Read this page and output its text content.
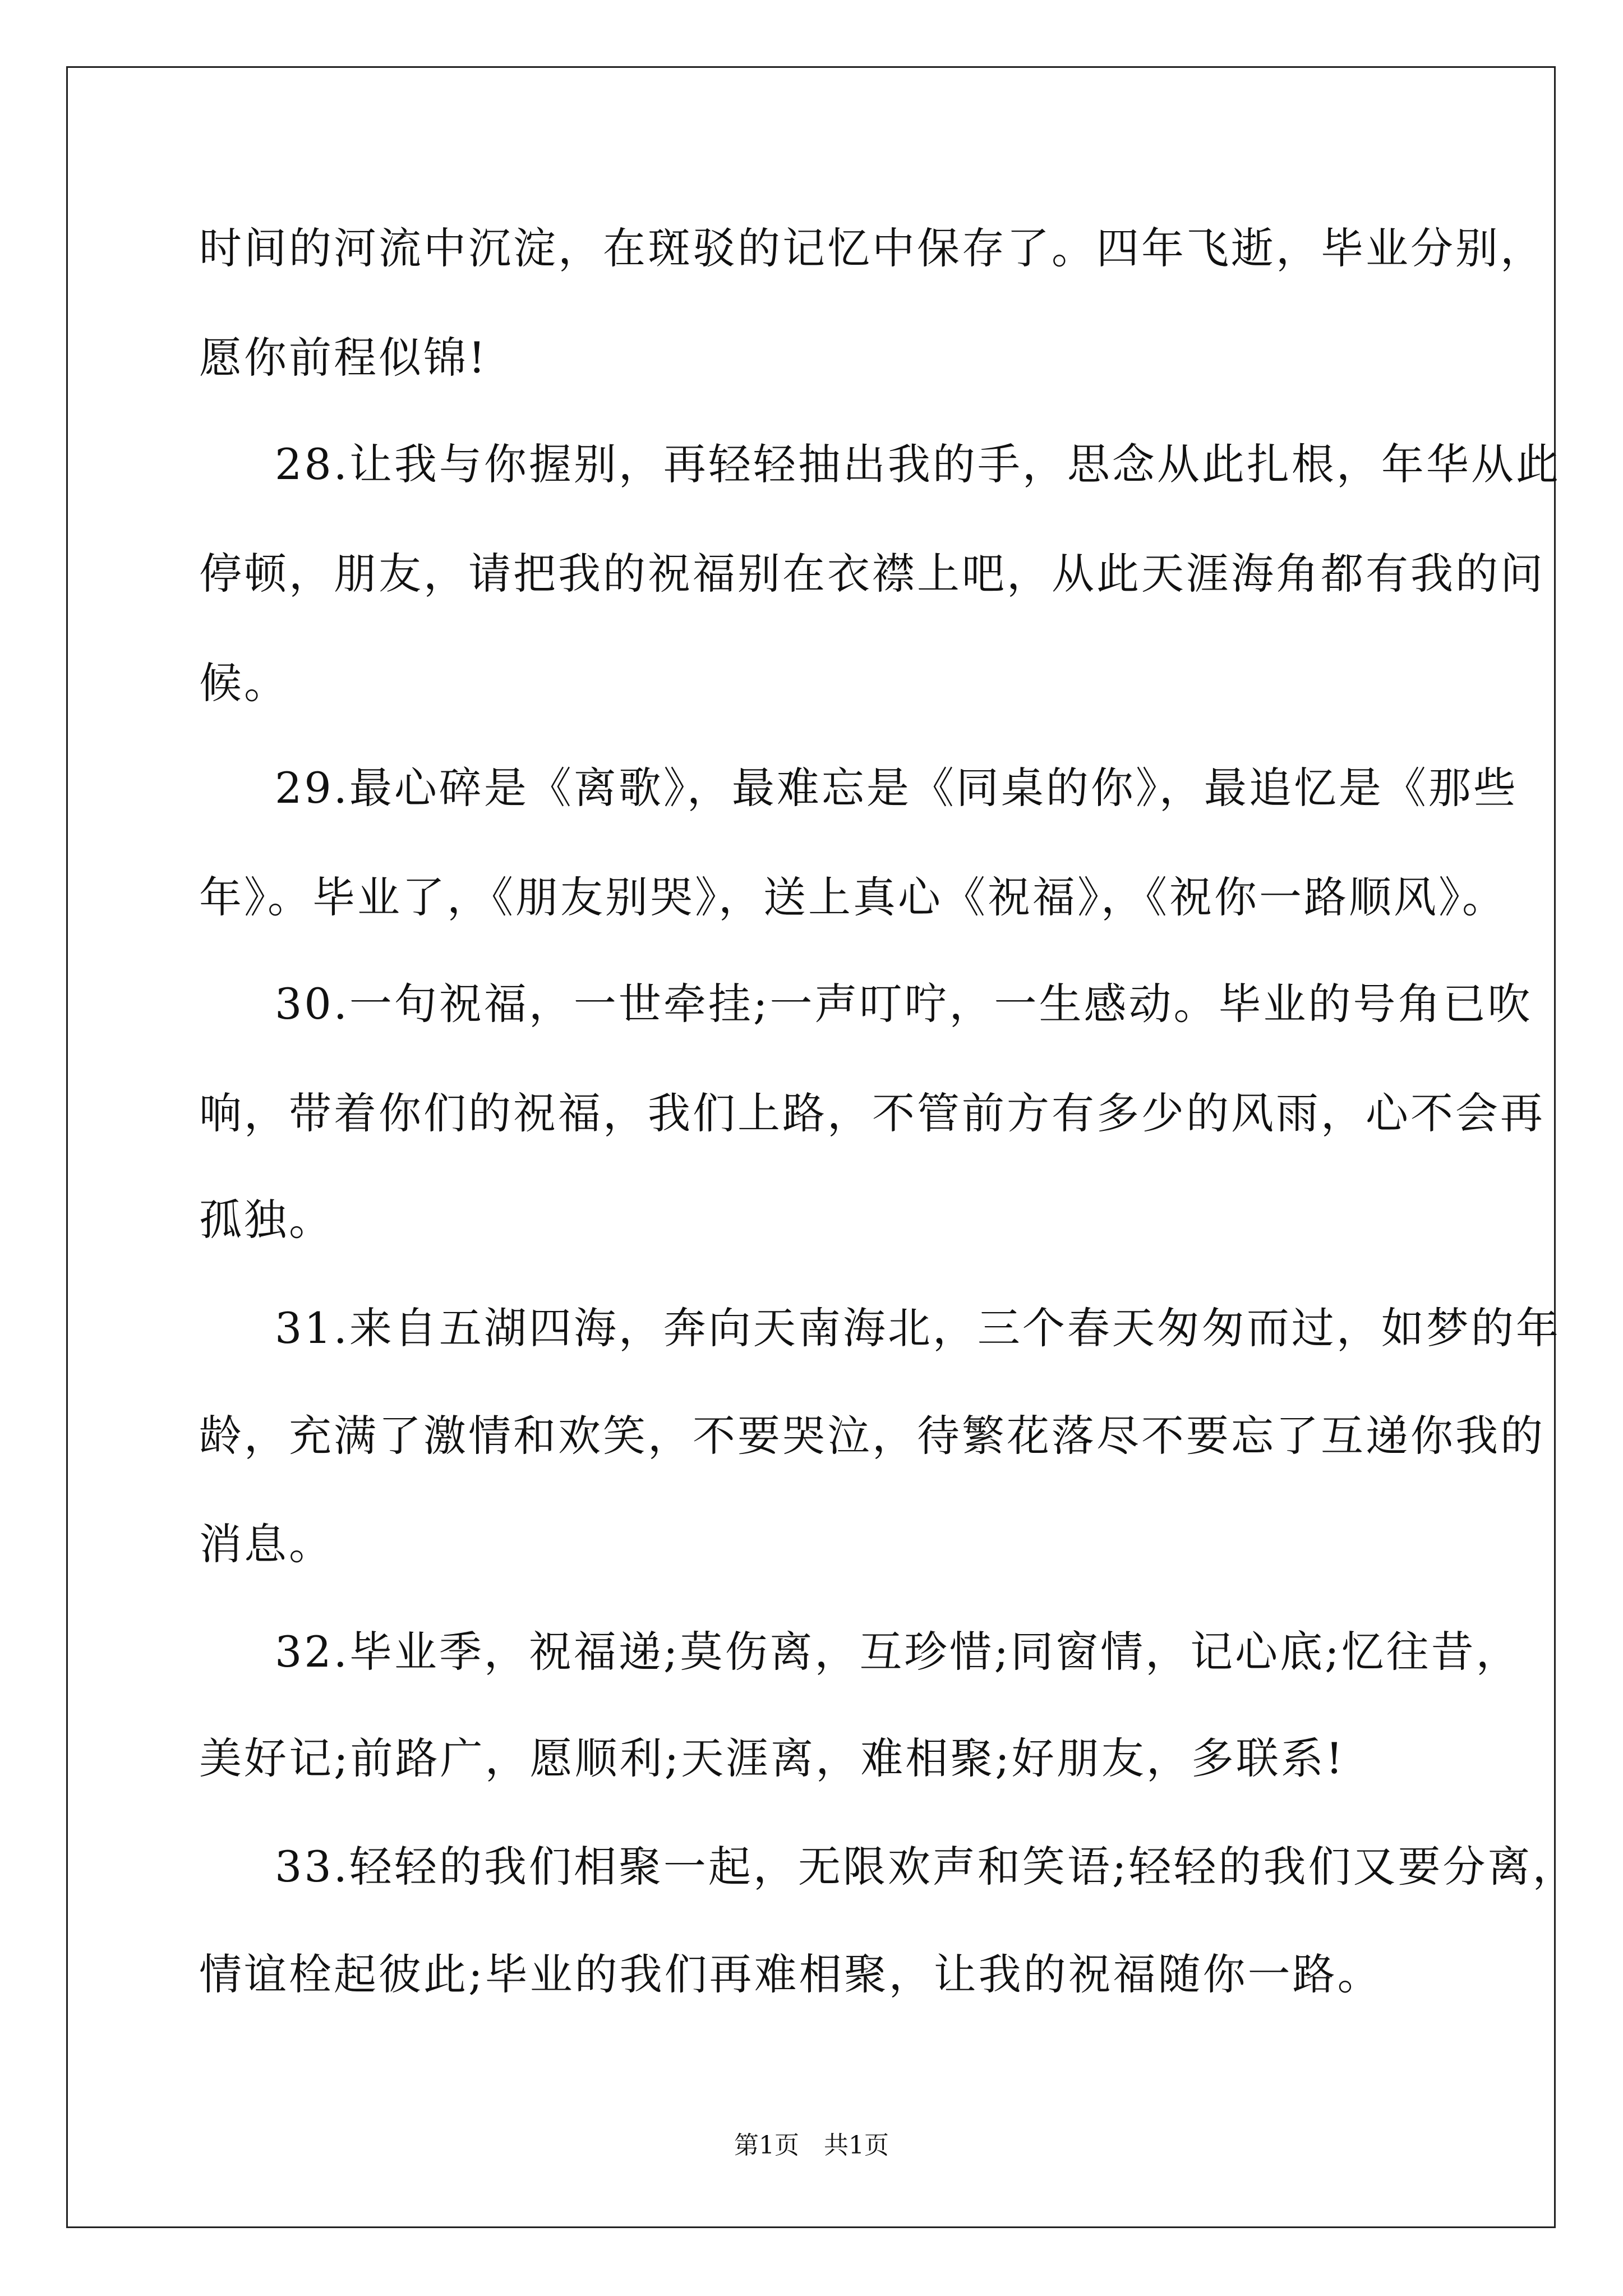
时间的河流中沉淀，在斑驳的记忆中保存了。四年飞逝，毕业分别，
愿你前程似锦!
28.让我与你握别，再轻轻抽出我的手，思念从此扎根，年华从此
停顿，朋友，请把我的祝福别在衣襟上吧，从此天涯海角都有我的问
候。
29.最心碎是《离歌》，最难忘是《同桌的你》，最追忆是《那些
年》。毕业了，《朋友别哭》，送上真心《祝福》，《祝你一路顺风》。
30.一句祝福，一世牵挂;一声叮咛，一生感动。毕业的号角已吹
响，带着你们的祝福，我们上路，不管前方有多少的风雨，心不会再
孤独。
31.来自五湖四海，奔向天南海北，三个春天匆匆而过，如梦的年
龄，充满了激情和欢笑，不要哭泣，待繁花落尽不要忘了互递你我的
消息。
32.毕业季，祝福递;莫伤离，互珍惜;同窗情，记心底;忆往昔，
美好记;前路广，愿顺利;天涯离，难相聚;好朋友，多联系!
33.轻轻的我们相聚一起，无限欢声和笑语;轻轻的我们又要分离，
情谊栓起彼此;毕业的我们再难相聚，让我的祝福随你一路。
第1页　共1页
